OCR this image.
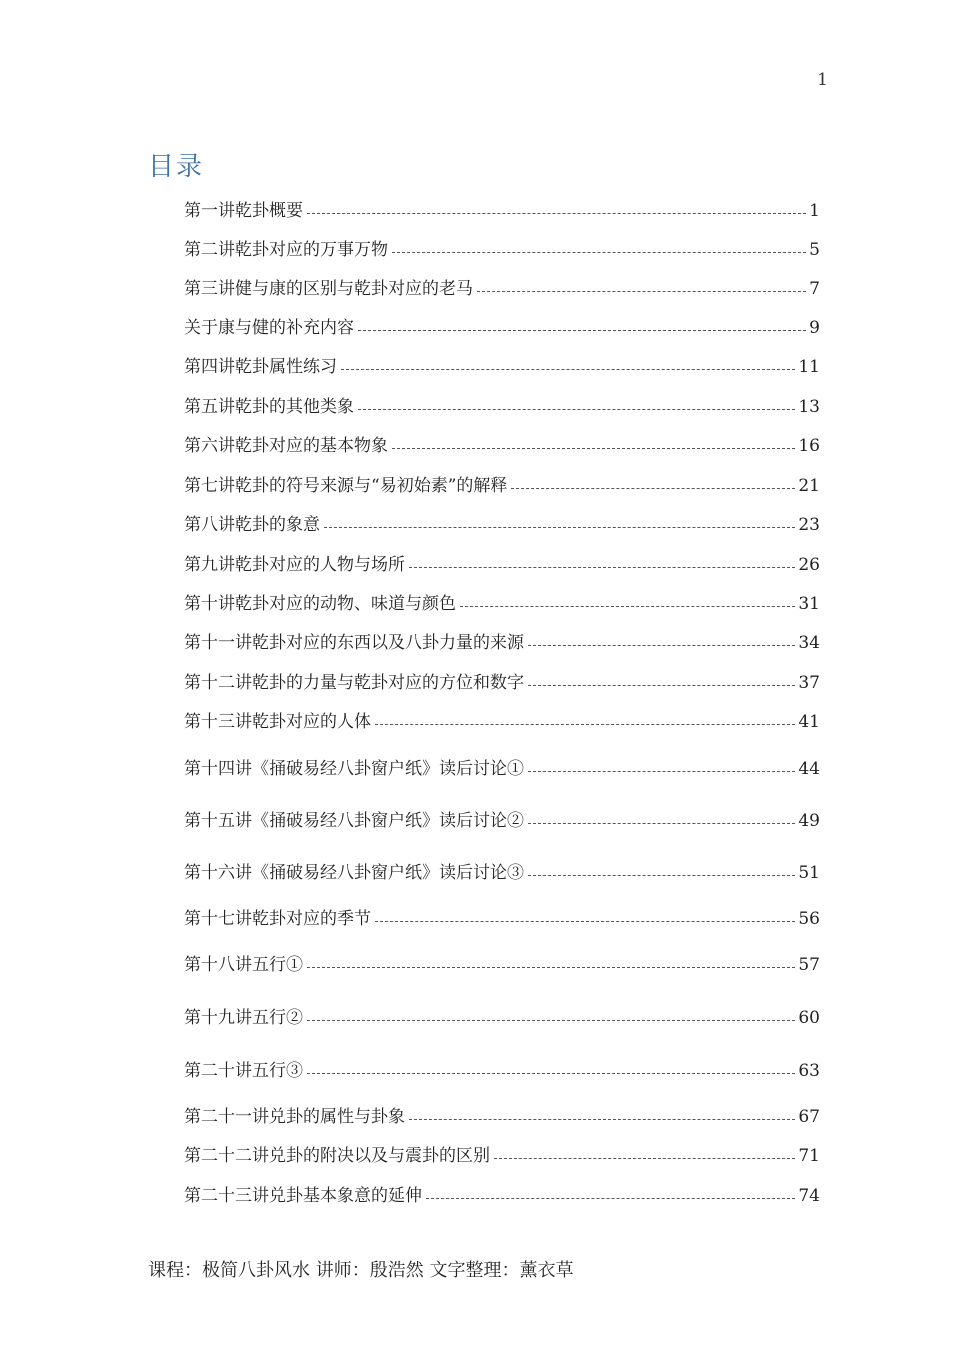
1
目录
第一讲乾卦概要	1
第二讲乾卦对应的万事万物	5
第三讲健与康的区别与乾卦对应的老马	7
关于康与健的补充内容	9
第四讲乾卦属性练习	11
第五讲乾卦的其他类象	13
第六讲乾卦对应的基本物象	16
第七讲乾卦的符号来源与“易初始素”的解释	21
第八讲乾卦的象意	23
第九讲乾卦对应的人物与场所	26
第十讲乾卦对应的动物、味道与颜色	31
第十一讲乾卦对应的东西以及八卦力量的来源	34
第十二讲乾卦的力量与乾卦对应的方位和数字	37
第十三讲乾卦对应的人体	41
第十四讲《捅破易经八卦窗户纸》读后讨论➀	44
第十五讲《捅破易经八卦窗户纸》读后讨论➁	49
第十六讲《捅破易经八卦窗户纸》读后讨论➂	51
第十七讲乾卦对应的季节	56
第十八讲五行➀	57
第十九讲五行➁	60
第二十讲五行➂	63
第二十一讲兑卦的属性与卦象	67
第二十二讲兑卦的附决以及与震卦的区别	71
第二十三讲兑卦基本象意的延伸	74
课程：极简八卦风水 讲师：殷浩然 文字整理：薰衣草
